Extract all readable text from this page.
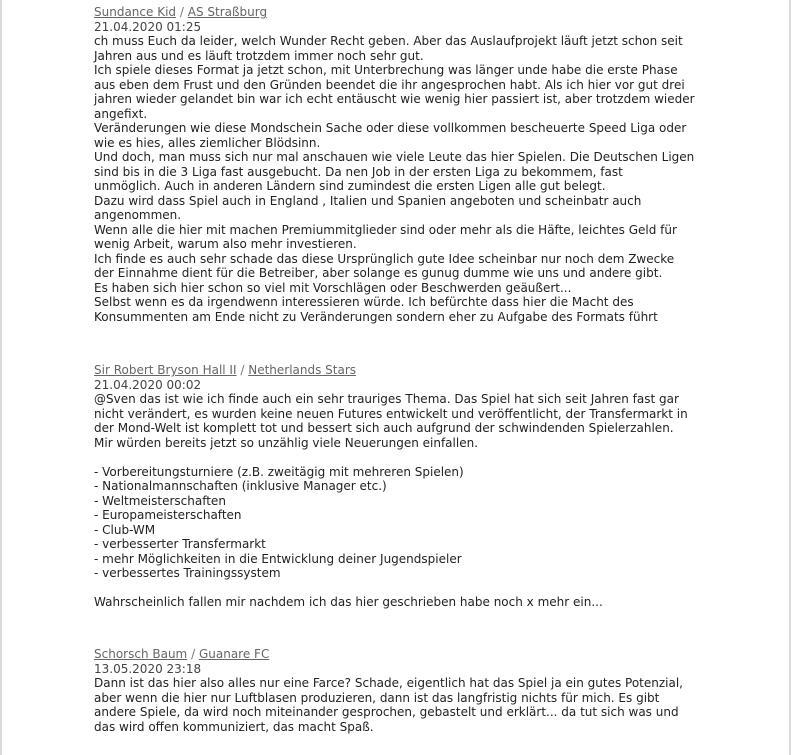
Sundance Kid / AS Straßburg
21.04.2020 01:25
ch muss Euch da leider, welch Wunder Recht geben. Aber das Auslaufprojekt läuft jetzt schon seit
Jahren aus und es läuft trotzdem immer noch sehr gut.
Ich spiele dieses Format ja jetzt schon, mit Unterbrechung was länger unde habe die erste Phase
aus eben dem Frust und den Gründen beendet die ihr angesprochen habt. Als ich hier vor gut drei
jahren wieder gelandet bin war ich echt entäuscht wie wenig hier passiert ist, aber trotzdem wieder
angefixt.
Veränderungen wie diese Mondschein Sache oder diese vollkommen bescheuerte Speed Liga oder
wie es hies, alles ziemlicher Blödsinn.
Und doch, man muss sich nur mal anschauen wie viele Leute das hier Spielen. Die Deutschen Ligen
sind bis in die 3 Liga fast ausgebucht. Da nen Job in der ersten Liga zu bekommem, fast
unmöglich. Auch in anderen Ländern sind zumindest die ersten Ligen alle gut belegt.
Dazu wird dass Spiel auch in England , Italien und Spanien angeboten und scheinbatr auch
angenommen.
Wenn alle die hier mit machen Premiummitglieder sind oder mehr als die Häfte, leichtes Geld für
wenig Arbeit, warum also mehr investieren.
Ich finde es auch sehr schade das diese Ursprünglich gute Idee scheinbar nur noch dem Zwecke
der Einnahme dient für die Betreiber, aber solange es gunug dumme wie uns und andere gibt.
Es haben sich hier schon so viel mit Vorschlägen oder Beschwerden geäußert...
Selbst wenn es da irgendwenn interessieren würde. Ich befürchte dass hier die Macht des
Konsummenten am Ende nicht zu Veränderungen sondern eher zu Aufgabe des Formats führt
Sir Robert Bryson Hall II / Netherlands Stars
21.04.2020 00:02
@Sven das ist wie ich finde auch ein sehr trauriges Thema. Das Spiel hat sich seit Jahren fast gar
nicht verändert, es wurden keine neuen Futures entwickelt und veröffentlicht, der Transfermarkt in
der Mond-Welt ist komplett tot und bessert sich auch aufgrund der schwindenden Spielerzahlen.
Mir würden bereits jetzt so unzählig viele Neuerungen einfallen.
- Vorbereitungsturniere (z.B. zweitägig mit mehreren Spielen)
- Nationalmannschaften (inklusive Manager etc.)
- Weltmeisterschaften
- Europameisterschaften
- Club-WM
- verbesserter Transfermarkt
- mehr Möglichkeiten in die Entwicklung deiner Jugendspieler
- verbessertes Trainingssystem
Wahrscheinlich fallen mir nachdem ich das hier geschrieben habe noch x mehr ein...
Schorsch Baum / Guanare FC
13.05.2020 23:18
Dann ist das hier also alles nur eine Farce? Schade, eigentlich hat das Spiel ja ein gutes Potenzial,
aber wenn die hier nur Luftblasen produzieren, dann ist das langfristig nichts für mich. Es gibt
andere Spiele, da wird noch miteinander gesprochen, gebastelt und erklärt... da tut sich was und
das wird offen kommuniziert, das macht Spaß.
